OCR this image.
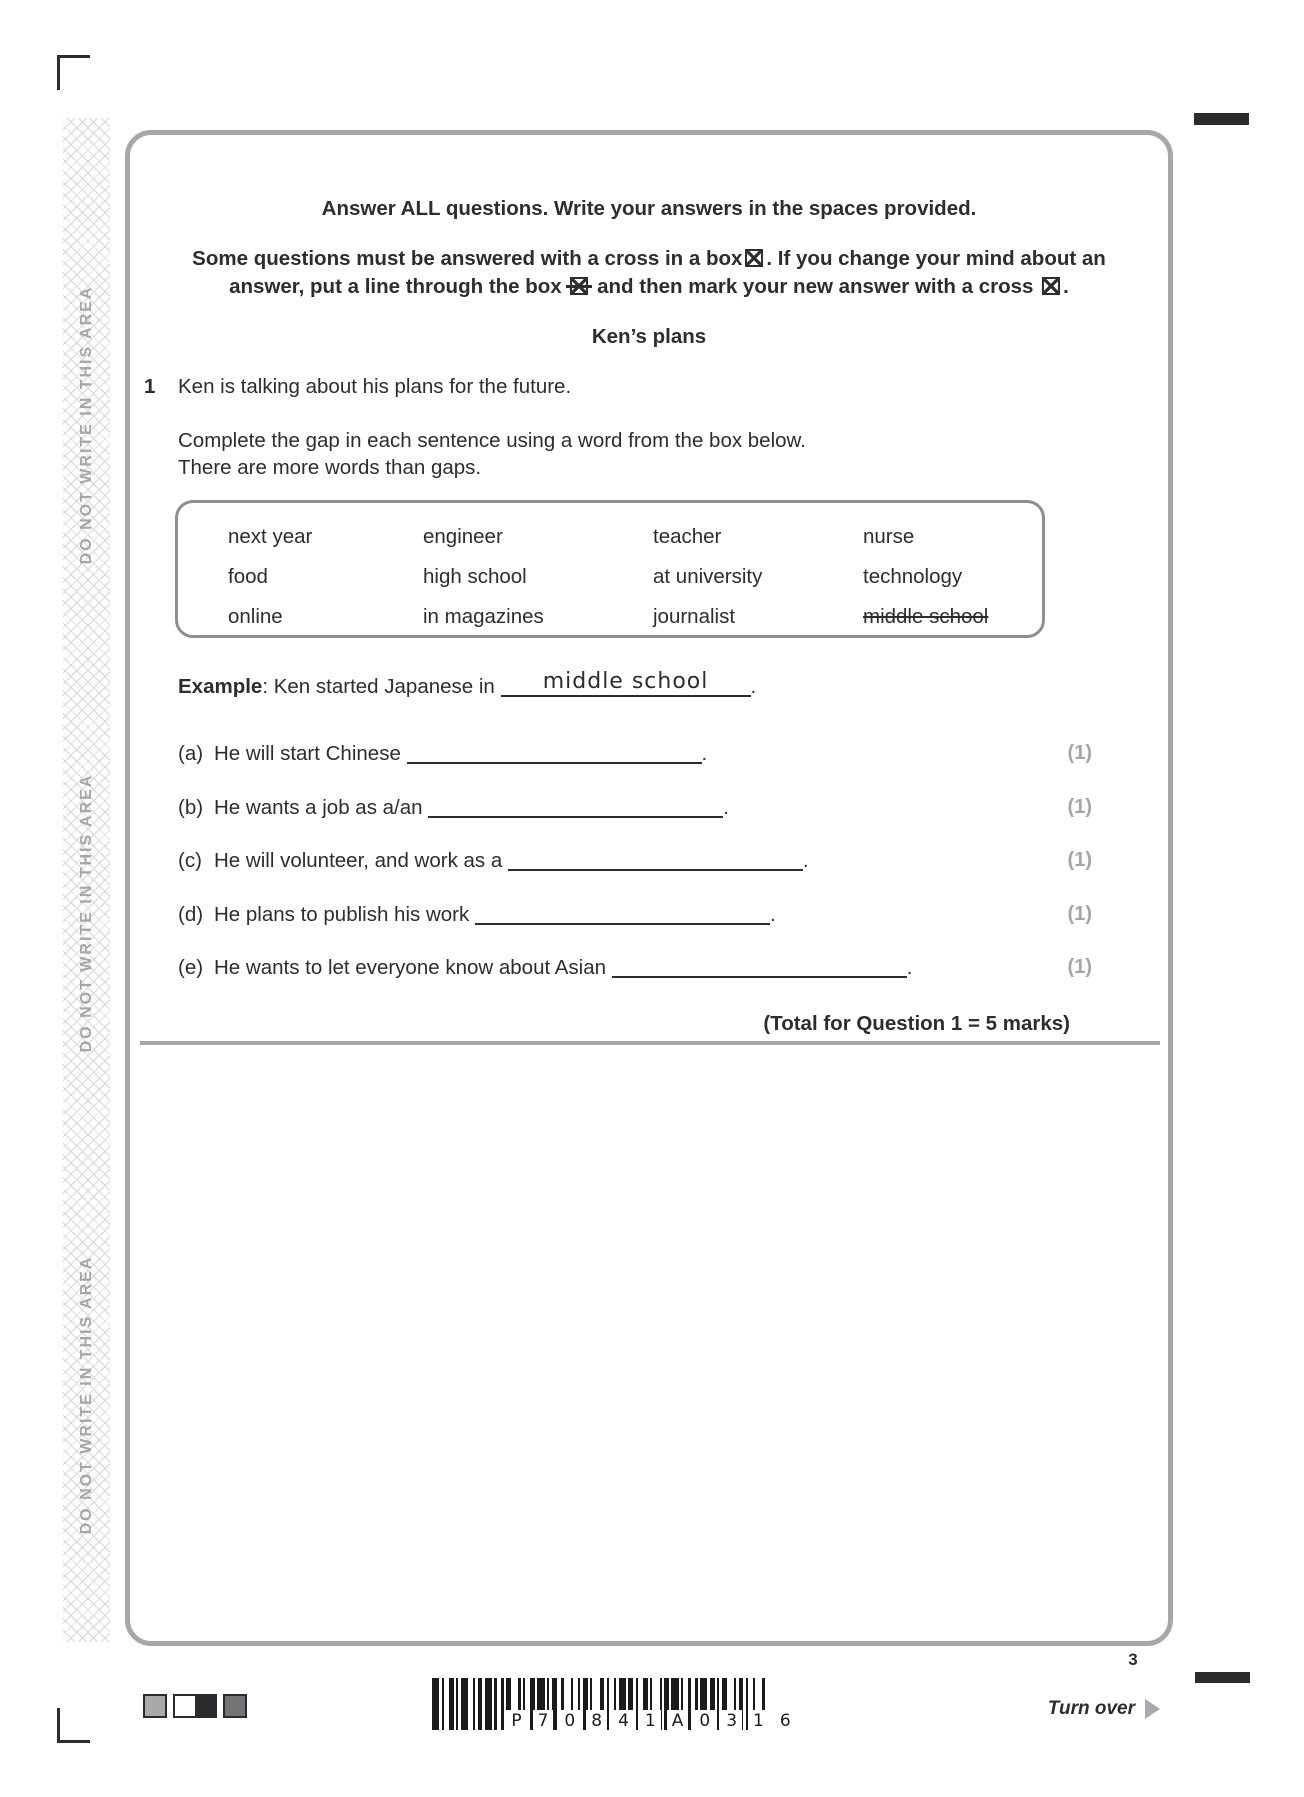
DO NOT WRITE IN THIS AREA
DO NOT WRITE IN THIS AREA
DO NOT WRITE IN THIS AREA
Answer ALL questions. Write your answers in the spaces provided.
Some questions must be answered with a cross in a box . If you change your mind about an answer, put a line through the box and then mark your new answer with a cross .
Ken’s plans
1 Ken is talking about his plans for the future.
Complete the gap in each sentence using a word from the box below.
There are more words than gaps.
next year	engineer	teacher	nurse
food	high school	at university	technology
online	in magazines	journalist	middle school
Example: Ken started Japanese in	middle school	.
(a) He will start Chinese	.	(1)
(b) He wants a job as a/an	.	(1)
(c) He will volunteer, and work as a	.	(1)
(d) He plans to publish his work	.	(1)
(e) He wants to let everyone know about Asian	.	(1)
(Total for Question 1 = 5 marks)
3
P 7 0 8 4 1 A 0 3 1 6
Turn over
